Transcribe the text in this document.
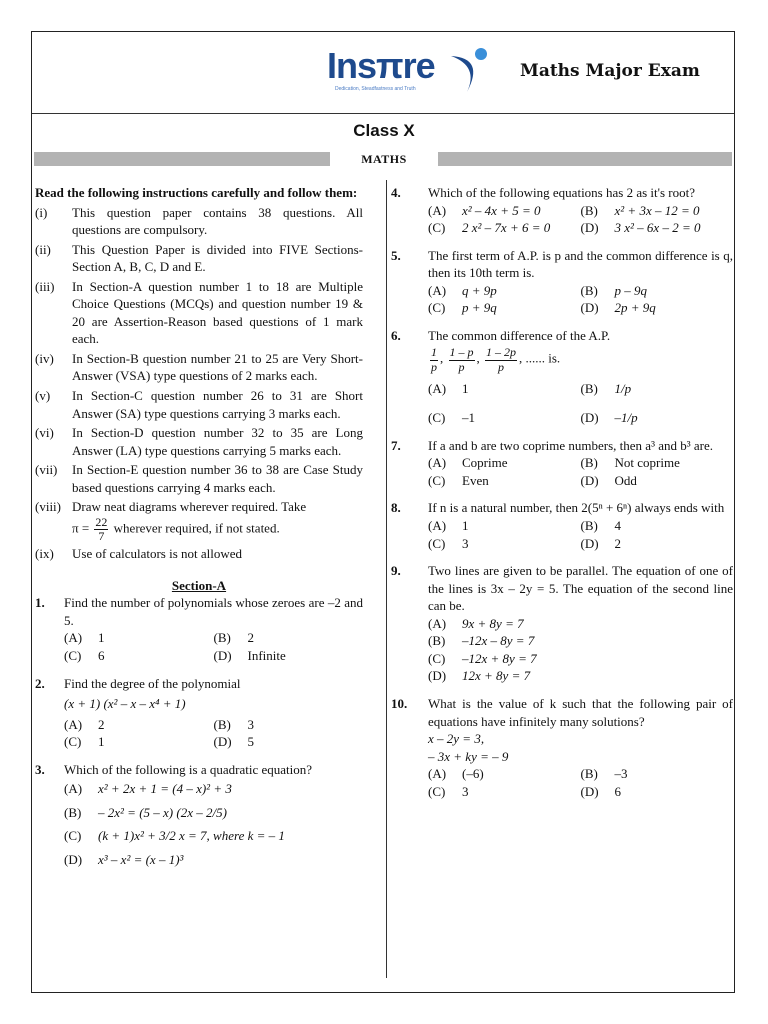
Insπre
Dedication, Steadfastness and Truth
Maths Major Exam
Class X
MATHS
Read the following instructions carefully and follow them:
(i)	This question paper contains 38 questions. All questions are compulsory.
(ii)	This Question Paper is divided into FIVE Sections-Section A, B, C, D and E.
(iii)	In Section-A question number 1 to 18 are Multiple Choice Questions (MCQs) and question number 19 & 20 are Assertion-Reason based questions of 1 mark each.
(iv)	In Section-B question number 21 to 25 are Very Short-Answer (VSA) type questions of 2 marks each.
(v)	In Section-C question number 26 to 31 are Short Answer (SA) type questions carrying 3 marks each.
(vi)	In Section-D question number 32 to 35 are Long Answer (LA) type questions carrying 5 marks each.
(vii)	In Section-E question number 36 to 38 are Case Study based questions carrying 4 marks each.
(viii) Draw neat diagrams wherever required. Take
$\pi = \frac{22}{7}$ wherever required, if not stated.
(ix)	Use of calculators is not allowed
Section-A
1.	Find the number of polynomials whose zeroes are –2 and 5.
(A)	1	(B)	2
(C)	6	(D)	Infinite
2.	Find the degree of the polynomial
(x + 1) (x² – x – x⁴ + 1)
(A)	2	(B)	3
(C)	1	(D)	5
3.	Which of the following is a quadratic equation?
(A)	x² + 2x + 1 = (4 – x)² + 3
(B)	– 2x² = (5 – x) (2x – 2/5)
(C)	(k + 1)x² + 3/2 x = 7, where k = – 1
(D)	x³ – x² = (x – 1)³
4.	Which of the following equations has 2 as it's root?
(A)	x² – 4x + 5 = 0	(B)	x² + 3x – 12 = 0
(C)	2 x² – 7x + 6 = 0 (D)	3 x² – 6x – 2 = 0
5.	The first term of A.P. is p and the common difference is q, then its 10th term is.
(A)	q + 9p	(B)	p – 9q
(C)	p + 9q	(D)	2p + 9q
6.	The common difference of the A.P.
$\frac{1}{p}$ , $\frac{1 - p}{p}$ , $\frac{1 - 2p}{p}$ , ...... is.
(A)	1	(B)	1/p
(C)	–1	(D)	–1/p
7.	If a and b are two coprime numbers, then a³ and b³ are.
(A)	Coprime	(B)	Not coprime
(C)	Even	(D)	Odd
8.	If n is a natural number, then 2(5ⁿ + 6ⁿ) always ends with
(A)	1	(B)	4
(C)	3	(D)	2
9.	Two lines are given to be parallel. The equation of one of the lines is 3x – 2y = 5. The equation of the second line can be.
(A)	9x + 8y = 7
(B)	–12x – 8y = 7
(C)	–12x + 8y = 7
(D)	12x + 8y = 7
10.	What is the value of k such that the following pair of equations have infinitely many solutions?
x – 2y = 3,
– 3x + ky = – 9
(A)	(–6)	(B)	–3
(C)	3	(D)	6
